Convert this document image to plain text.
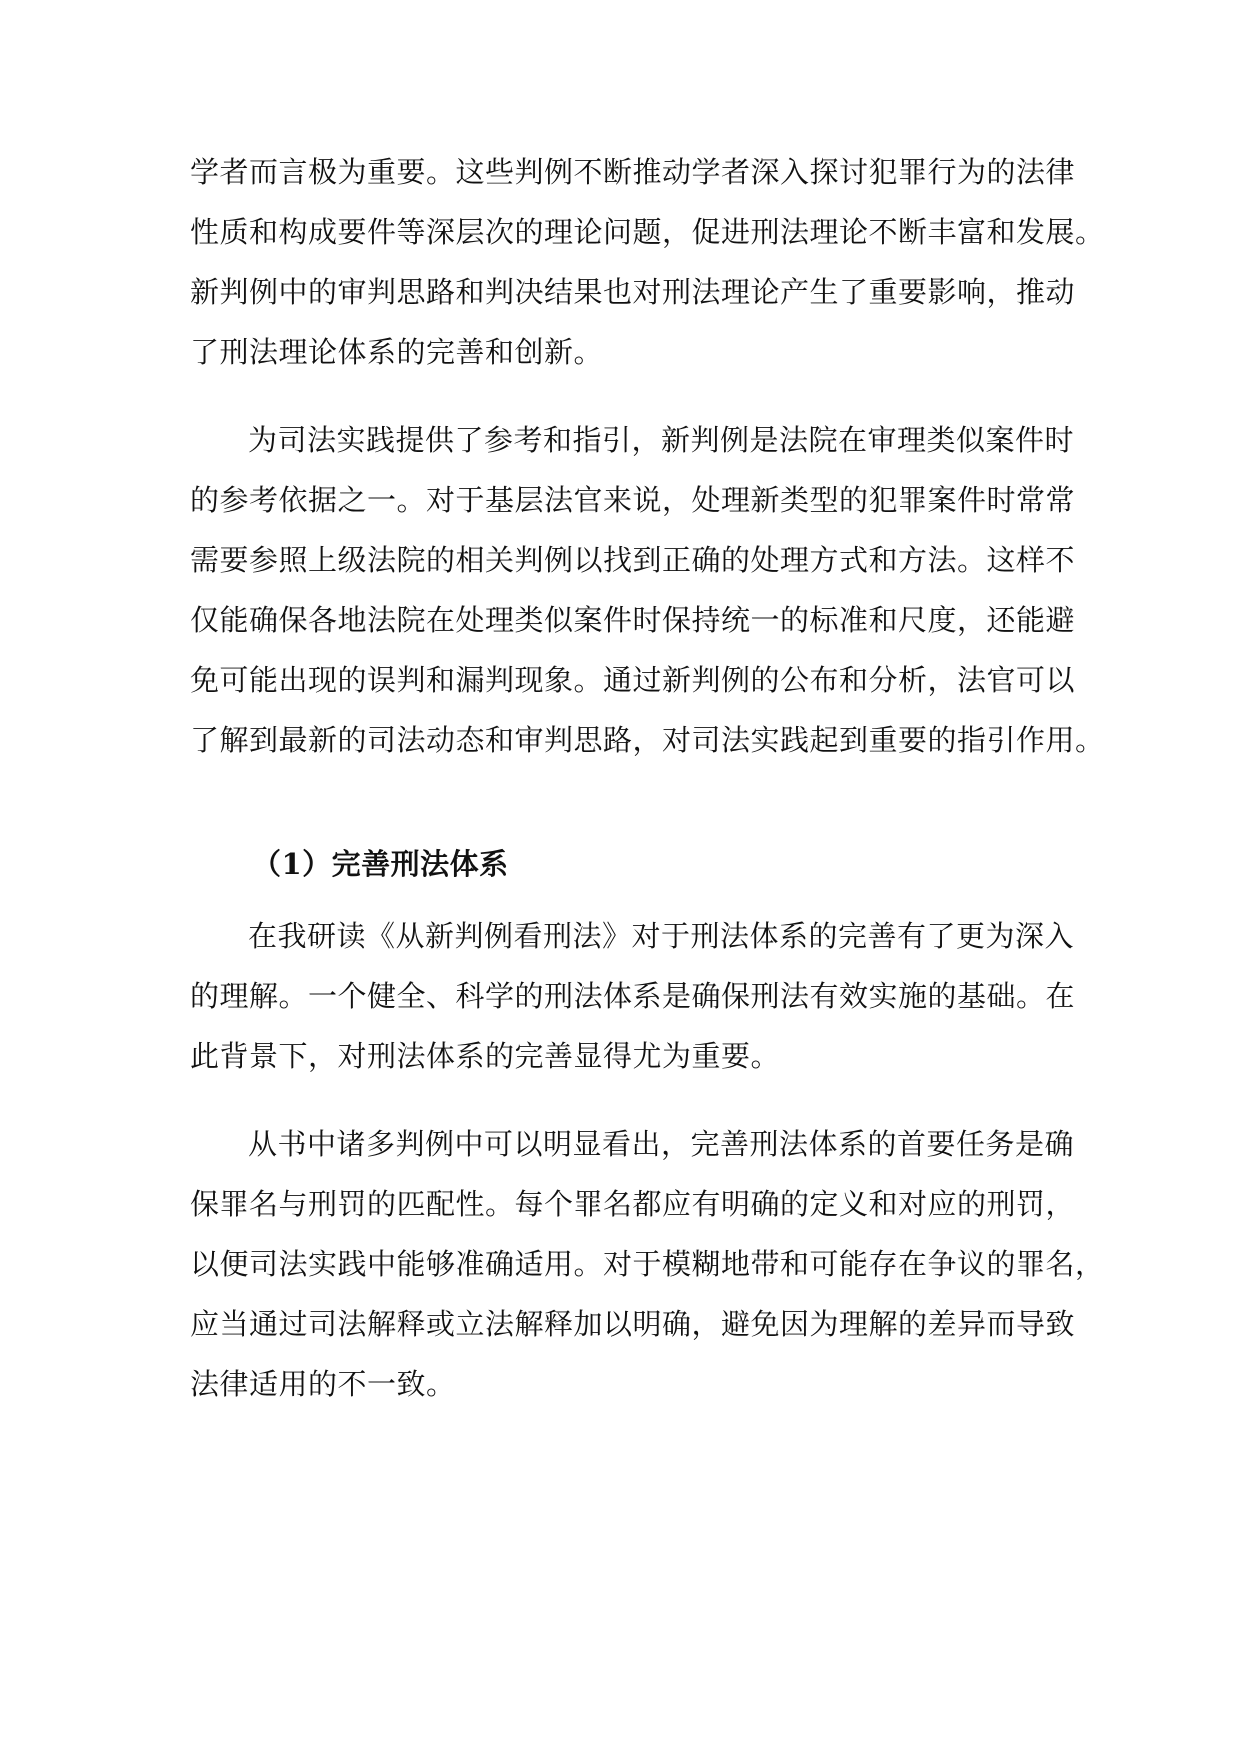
学者而言极为重要。这些判例不断推动学者深入探讨犯罪行为的法律
性质和构成要件等深层次的理论问题，促进刑法理论不断丰富和发展。
新判例中的审判思路和判决结果也对刑法理论产生了重要影响，推动
了刑法理论体系的完善和创新。
为司法实践提供了参考和指引，新判例是法院在审理类似案件时
的参考依据之一。对于基层法官来说，处理新类型的犯罪案件时常常
需要参照上级法院的相关判例以找到正确的处理方式和方法。这样不
仅能确保各地法院在处理类似案件时保持统一的标准和尺度，还能避
免可能出现的误判和漏判现象。通过新判例的公布和分析，法官可以
了解到最新的司法动态和审判思路，对司法实践起到重要的指引作用。
（1）完善刑法体系
在我研读《从新判例看刑法》对于刑法体系的完善有了更为深入
的理解。一个健全、科学的刑法体系是确保刑法有效实施的基础。在
此背景下，对刑法体系的完善显得尤为重要。
从书中诸多判例中可以明显看出，完善刑法体系的首要任务是确
保罪名与刑罚的匹配性。每个罪名都应有明确的定义和对应的刑罚，
以便司法实践中能够准确适用。对于模糊地带和可能存在争议的罪名，
应当通过司法解释或立法解释加以明确，避免因为理解的差异而导致
法律适用的不一致。
